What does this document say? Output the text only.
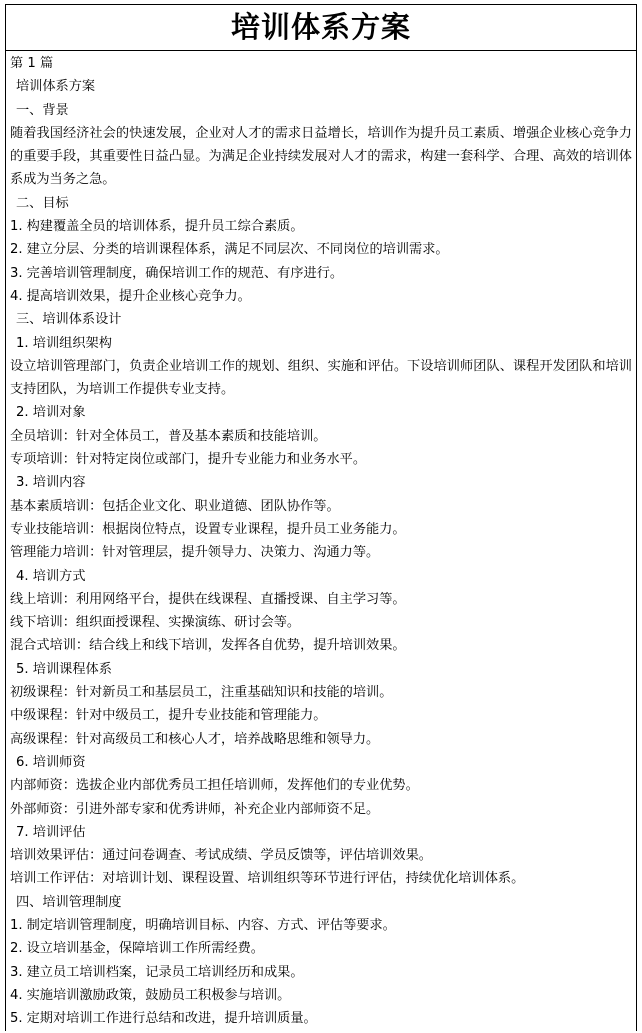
培训体系方案
第 1 篇
培训体系方案
一、背景
随着我国经济社会的快速发展，企业对人才的需求日益增长，培训作为提升员工素质、增强企业核心竞争力的重要手段，其重要性日益凸显。为满足企业持续发展对人才的需求，构建一套科学、合理、高效的培训体系成为当务之急。
二、目标
1. 构建覆盖全员的培训体系，提升员工综合素质。
2. 建立分层、分类的培训课程体系，满足不同层次、不同岗位的培训需求。
3. 完善培训管理制度，确保培训工作的规范、有序进行。
4. 提高培训效果，提升企业核心竞争力。
三、培训体系设计
1. 培训组织架构
设立培训管理部门，负责企业培训工作的规划、组织、实施和评估。下设培训师团队、课程开发团队和培训支持团队，为培训工作提供专业支持。
2. 培训对象
全员培训：针对全体员工，普及基本素质和技能培训。
专项培训：针对特定岗位或部门，提升专业能力和业务水平。
3. 培训内容
基本素质培训：包括企业文化、职业道德、团队协作等。
专业技能培训：根据岗位特点，设置专业课程，提升员工业务能力。
管理能力培训：针对管理层，提升领导力、决策力、沟通力等。
4. 培训方式
线上培训：利用网络平台，提供在线课程、直播授课、自主学习等。
线下培训：组织面授课程、实操演练、研讨会等。
混合式培训：结合线上和线下培训，发挥各自优势，提升培训效果。
5. 培训课程体系
初级课程：针对新员工和基层员工，注重基础知识和技能的培训。
中级课程：针对中级员工，提升专业技能和管理能力。
高级课程：针对高级员工和核心人才，培养战略思维和领导力。
6. 培训师资
内部师资：选拔企业内部优秀员工担任培训师，发挥他们的专业优势。
外部师资：引进外部专家和优秀讲师，补充企业内部师资不足。
7. 培训评估
培训效果评估：通过问卷调查、考试成绩、学员反馈等，评估培训效果。
培训工作评估：对培训计划、课程设置、培训组织等环节进行评估，持续优化培训体系。
四、培训管理制度
1. 制定培训管理制度，明确培训目标、内容、方式、评估等要求。
2. 设立培训基金，保障培训工作所需经费。
3. 建立员工培训档案，记录员工培训经历和成果。
4. 实施培训激励政策，鼓励员工积极参与培训。
5. 定期对培训工作进行总结和改进，提升培训质量。
